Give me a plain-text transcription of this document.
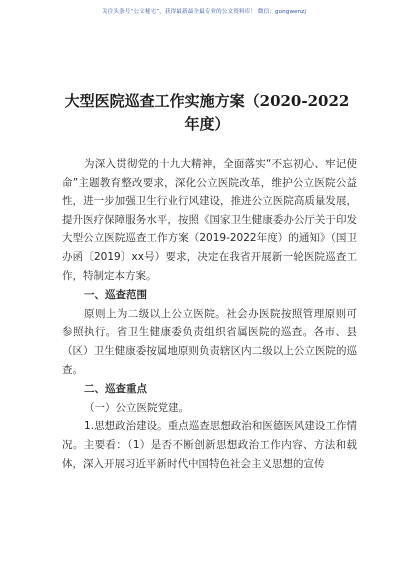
关注头条号“公文秘宅”，获得最新最全最专业的公文资料库！ 微信：gongwenzj
大型医院巡查工作实施方案（2020-2022年度）

为深入贯彻党的十九大精神，全面落实“不忘初心、牢记使命”主题教育整改要求，深化公立医院改革，维护公立医院公益性，进一步加强卫生行业行风建设，推进公立医院高质量发展，提升医疗保障服务水平，按照《国家卫生健康委办公厅关于印发大型公立医院巡查工作方案（2019-2022年度）的通知》（国卫办函〔2019〕xx号）要求，决定在我省开展新一轮医院巡查工作，特制定本方案。

一、巡查范围

原则上为二级以上公立医院。社会办医院按照管理原则可参照执行。省卫生健康委负责组织省属医院的巡查。各市、县（区）卫生健康委按属地原则负责辖区内二级以上公立医院的巡查。

二、巡查重点

（一）公立医院党建。

1.思想政治建设。重点巡查思想政治和医德医风建设工作情况。主要看：（1）是否不断创新思想政治工作内容、方法和载体，深入开展习近平新时代中国特色社会主义思想的宣传
